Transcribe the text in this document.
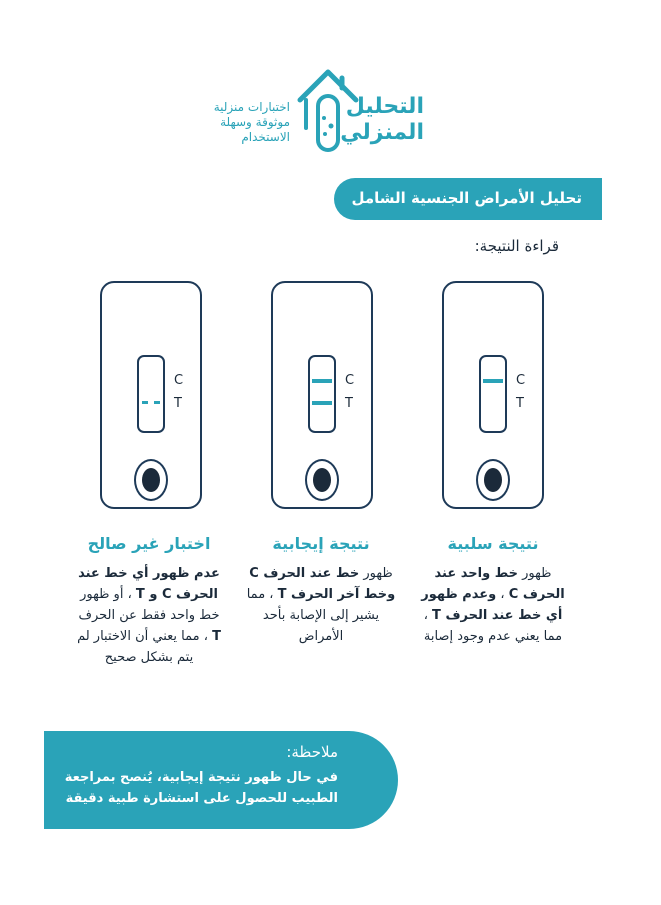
التحليل
المنزلي
اختبارات منزلية
موثوقة وسهلة
الاستخدام
تحليل الأمراض الجنسية الشامل
قراءة النتيجة:
C
T
C
T
C
T
نتيجة سلبية
ظهور خط واحد عند الحرف C ، وعدم ظهور أي خط عند الحرف T ، مما يعني عدم وجود إصابة
نتيجة إيجابية
ظهور خط عند الحرف C وخط آخر الحرف T ، مما يشير إلى الإصابة بأحد الأمراض
اختبار غير صالح
عدم ظهور أي خط عند الحرف C و T ، أو ظهور خط واحد فقط عن الحرف T ، مما يعني أن الاختبار لم يتم بشكل صحيح
ملاحظة:
في حال ظهور نتيجة إيجابية، يُنصح بمراجعة الطبيب للحصول على استشارة طبية دقيقة
